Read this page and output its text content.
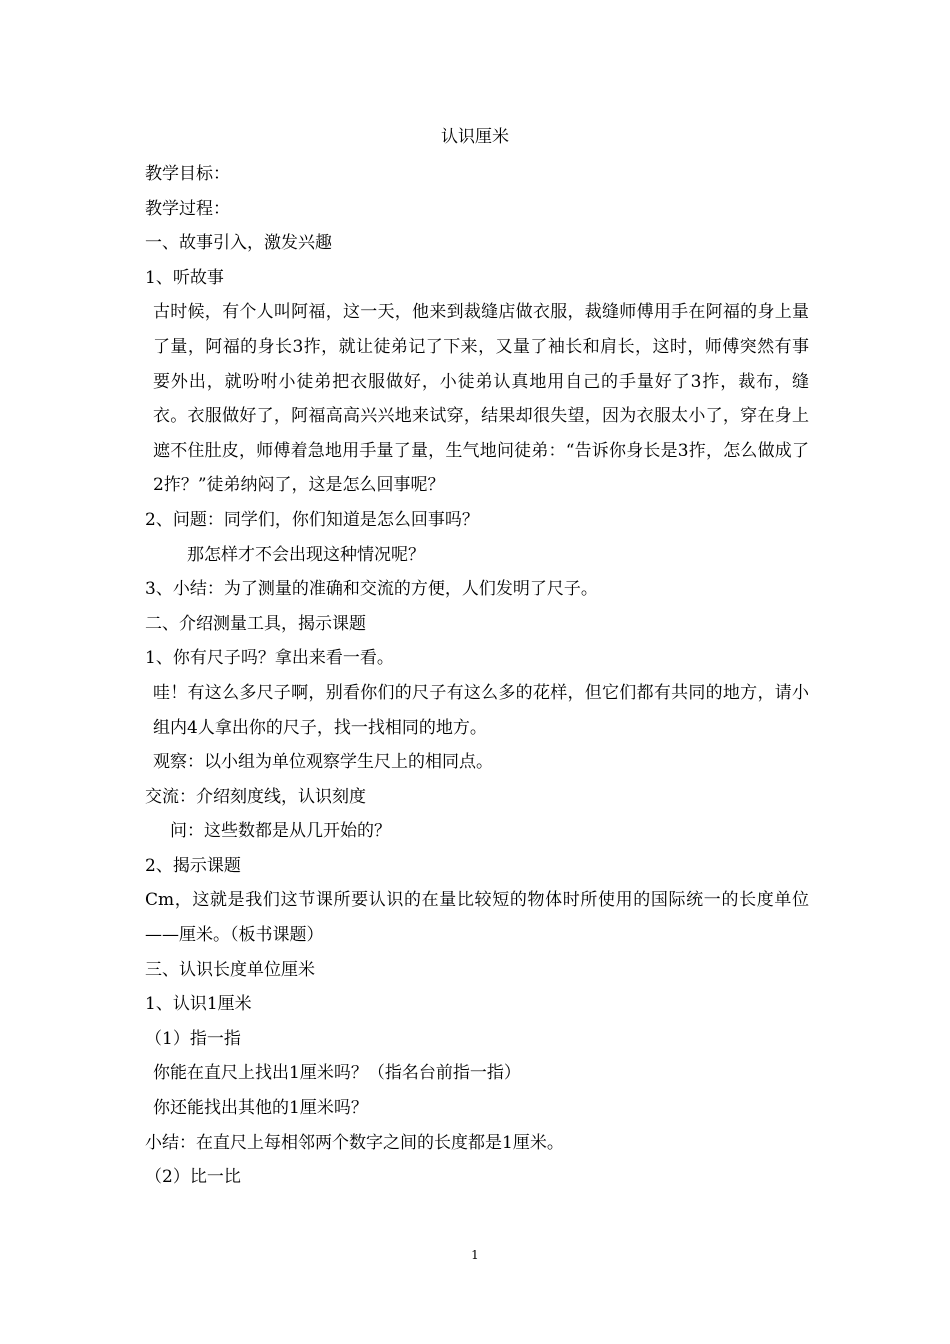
认识厘米

教学目标：

教学过程：

一、故事引入，激发兴趣

1、听故事

古时候，有个人叫阿福，这一天，他来到裁缝店做衣服，裁缝师傅用手在阿福的身上量了量，阿福的身长3拃，就让徒弟记了下来，又量了袖长和肩长，这时，师傅突然有事要外出，就吩咐小徒弟把衣服做好，小徒弟认真地用自己的手量好了3拃，裁布，缝衣。衣服做好了，阿福高高兴兴地来试穿，结果却很失望，因为衣服太小了，穿在身上遮不住肚皮，师傅着急地用手量了量，生气地问徒弟：“告诉你身长是3拃，怎么做成了2拃？”徒弟纳闷了，这是怎么回事呢？

2、问题：同学们，你们知道是怎么回事吗？

那怎样才不会出现这种情况呢？

3、小结：为了测量的准确和交流的方便，人们发明了尺子。

二、介绍测量工具，揭示课题

1、你有尺子吗？拿出来看一看。

哇！有这么多尺子啊，别看你们的尺子有这么多的花样，但它们都有共同的地方，请小组内4人拿出你的尺子，找一找相同的地方。

观察：以小组为单位观察学生尺上的相同点。

交流：介绍刻度线，认识刻度

问：这些数都是从几开始的？

2、揭示课题

Cm，这就是我们这节课所要认识的在量比较短的物体时所使用的国际统一的长度单位——厘米。（板书课题）

三、认识长度单位厘米

1、认识1厘米

（1）指一指

你能在直尺上找出1厘米吗？（指名台前指一指）

你还能找出其他的1厘米吗？

小结：在直尺上每相邻两个数字之间的长度都是1厘米。

（2）比一比

1
